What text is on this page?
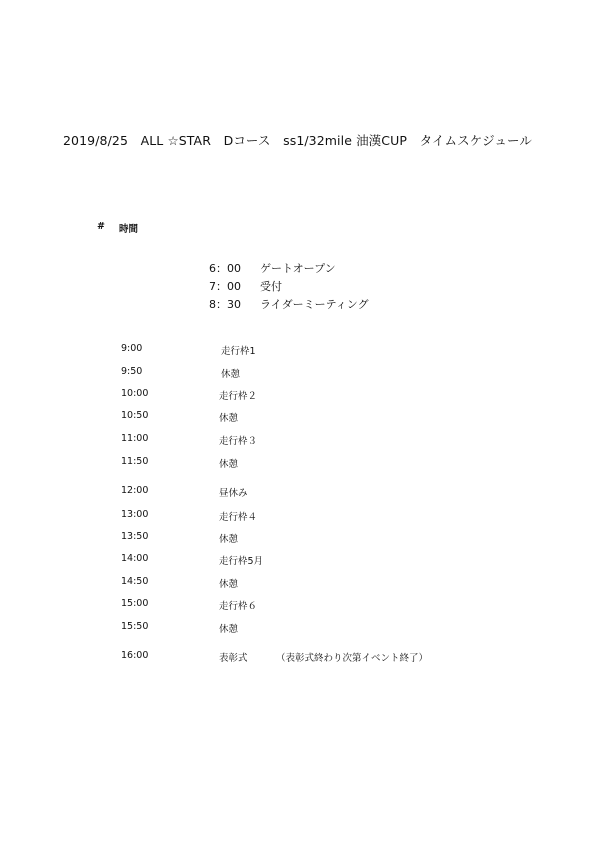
2019/8/25　ALL ☆STAR　Dコース　ss1/32mile 油漢CUP　タイムスケジュール
# 時間
6：00 ゲートオープン
7：00 受付
8：30 ライダーミーティング
9:00	走行枠1
9:50	休憩
10:00	走行枠２
10:50	休憩
11:00	走行枠３
11:50	休憩
12:00	昼休み
13:00	走行枠４
13:50	休憩
14:00	走行枠5月
14:50	休憩
15:00	走行枠６
15:50	休憩
16:00	表彰式	（表彰式終わり次第イベント終了）
